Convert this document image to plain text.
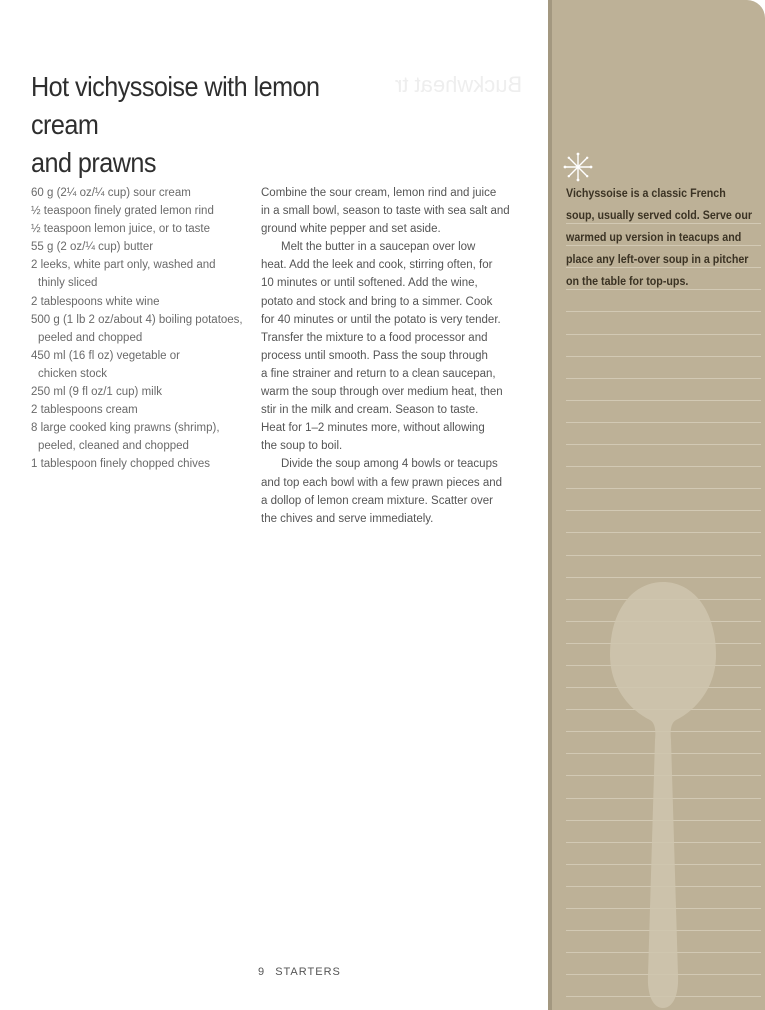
Buckwheat tr
Hot vichyssoise with lemon cream
and prawns
60 g (2¼ oz/¼ cup) sour cream
½ teaspoon finely grated lemon rind
½ teaspoon lemon juice, or to taste
55 g (2 oz/¼ cup) butter
2 leeks, white part only, washed and
thinly sliced
2 tablespoons white wine
500 g (1 lb 2 oz/about 4) boiling potatoes,
peeled and chopped
450 ml (16 fl oz) vegetable or
chicken stock
250 ml (9 fl oz/1 cup) milk
2 tablespoons cream
8 large cooked king prawns (shrimp),
peeled, cleaned and chopped
1 tablespoon finely chopped chives
Combine the sour cream, lemon rind and juice
in a small bowl, season to taste with sea salt and
ground white pepper and set aside.
Melt the butter in a saucepan over low
heat. Add the leek and cook, stirring often, for
10 minutes or until softened. Add the wine,
potato and stock and bring to a simmer. Cook
for 40 minutes or until the potato is very tender.
Transfer the mixture to a food processor and
process until smooth. Pass the soup through
a fine strainer and return to a clean saucepan,
warm the soup through over medium heat, then
stir in the milk and cream. Season to taste.
Heat for 1–2 minutes more, without allowing
the soup to boil.
Divide the soup among 4 bowls or teacups
and top each bowl with a few prawn pieces and
a dollop of lemon cream mixture. Scatter over
the chives and serve immediately.
9 STARTERS
Vichyssoise is a classic French
soup, usually served cold. Serve our
warmed up version in teacups and
place any left-over soup in a pitcher
on the table for top-ups.
